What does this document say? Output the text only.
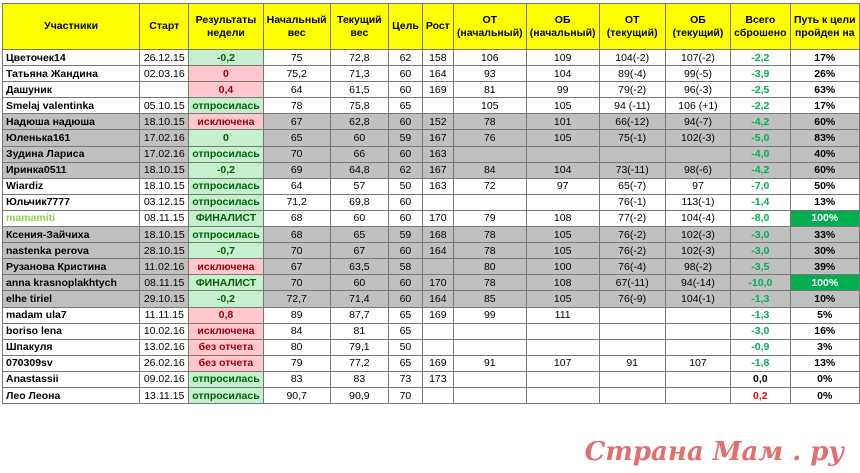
Участники	Старт	Результаты недели	Начальный вес	Текущий вес	Цель	Рост	ОТ (начальный)	ОБ (начальный)	ОТ (текущий)	ОБ (текущий)	Всего сброшено	Путь к цели пройден на
Цветочек14	26.12.15	-0,2	75	72,8	62	158	106	109	104(-2)	107(-2)	-2,2	17%
Татьяна Жандина	02.03.16	0	75,2	71,3	60	164	93	104	89(-4)	99(-5)	-3,9	26%
Дашуник		0,4	64	61,5	60	169	81	99	79(-2)	96(-3)	-2,5	63%
Smelaj valentinka	05.10.15	отпросилась	78	75,8	65		105	105	94 (-11)	106 (+1)	-2,2	17%
Надюша надюша	18.10.15	исключена	67	62,8	60	152	78	101	66(-12)	94(-7)	-4,2	60%
Юленька161	17.02.16	0	65	60	59	167	76	105	75(-1)	102(-3)	-5,0	83%
Зудина Лариса	17.02.16	отпросилась	70	66	60	163					-4,0	40%
Иринка0511	18.10.15	-0,2	69	64,8	62	167	84	104	73(-11)	98(-6)	-4,2	60%
Wiardiz	18.10.15	отпросилась	64	57	50	163	72	97	65(-7)	97	-7,0	50%
Юльчик7777	03.12.15	отпросилась	71,2	69,8	60				76(-1)	113(-1)	-1,4	13%
mamamiti	08.11.15	ФИНАЛИСТ	68	60	60	170	79	108	77(-2)	104(-4)	-8,0	100%
Ксения-Зайчиха	18.10.15	отпросилась	68	65	59	168	78	105	76(-2)	102(-3)	-3,0	33%
nastenka perova	28.10.15	-0,7	70	67	60	164	78	105	76(-2)	102(-3)	-3,0	30%
Рузанова Кристина	11.02.16	исключена	67	63,5	58		80	100	76(-4)	98(-2)	-3,5	39%
anna krasnoplakhtych	08.11.15	ФИНАЛИСТ	70	60	60	170	78	108	67(-11)	94(-14)	-10,0	100%
elhe tiriel	29.10.15	-0,2	72,7	71,4	60	164	85	105	76(-9)	104(-1)	-1,3	10%
madam ula7	11.11.15	0,8	89	87,7	65	169	99	111			-1,3	5%
boriso lena	10.02.16	исключена	84	81	65						-3,0	16%
Шпакуля	13.02.16	без отчета	80	79,1	50						-0,9	3%
070309sv	26.02.16	без отчета	79	77,2	65	169	91	107	91	107	-1,8	13%
Anastassii	09.02.16	отпросилась	83	83	73	173					0,0	0%
Лео Леона	13.11.15	отпросилась	90,7	90,9	70						0,2	0%
Страна Мам . ру
